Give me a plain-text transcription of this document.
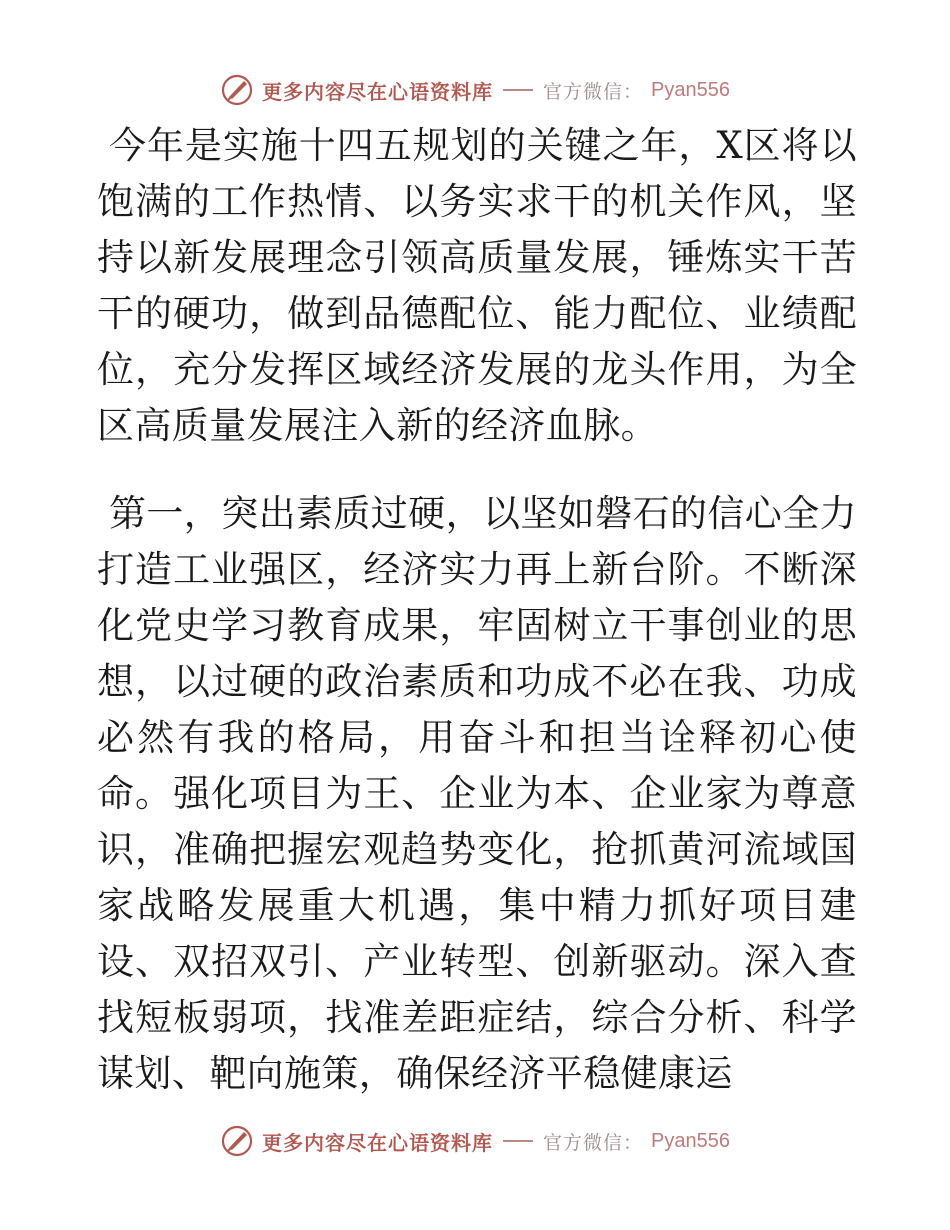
更多内容尽在心语资料库	官方微信： Pyan556

今年是实施十四五规划的关键之年，X区将以饱满的工作热情、以务实求干的机关作风，坚持以新发展理念引领高质量发展，锤炼实干苦干的硬功，做到品德配位、能力配位、业绩配位，充分发挥区域经济发展的龙头作用，为全区高质量发展注入新的经济血脉。

第一，突出素质过硬，以坚如磐石的信心全力打造工业强区，经济实力再上新台阶。不断深化党史学习教育成果，牢固树立干事创业的思想，以过硬的政治素质和功成不必在我、功成必然有我的格局，用奋斗和担当诠释初心使命。强化项目为王、企业为本、企业家为尊意识，准确把握宏观趋势变化，抢抓黄河流域国家战略发展重大机遇，集中精力抓好项目建设、双招双引、产业转型、创新驱动。深入查找短板弱项，找准差距症结，综合分析、科学谋划、靶向施策，确保经济平稳健康运

更多内容尽在心语资料库	官方微信： Pyan556
